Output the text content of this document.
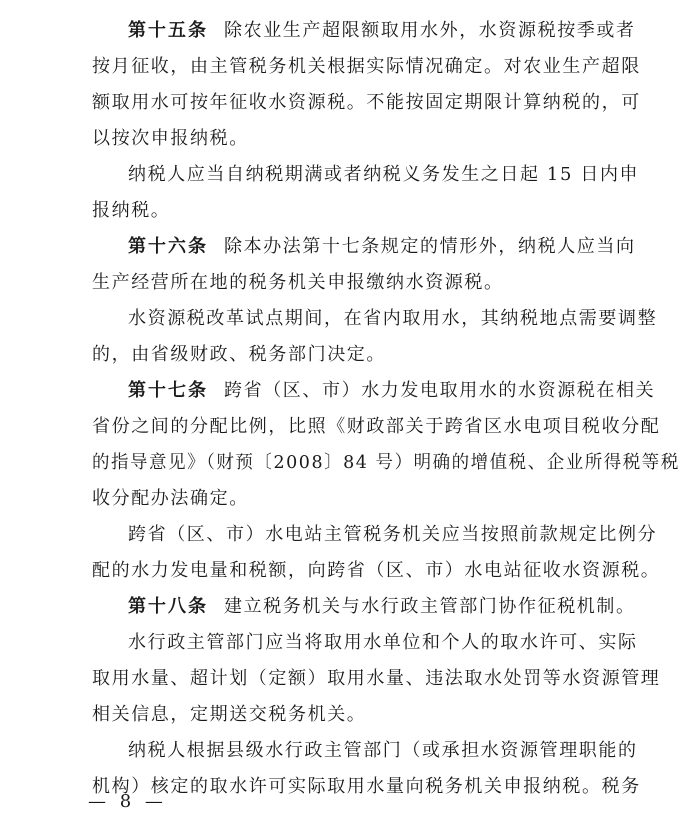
第十五条 除农业生产超限额取用水外，水资源税按季或者
按月征收，由主管税务机关根据实际情况确定。对农业生产超限
额取用水可按年征收水资源税。不能按固定期限计算纳税的，可
以按次申报纳税。
纳税人应当自纳税期满或者纳税义务发生之日起 15 日内申
报纳税。
第十六条 除本办法第十七条规定的情形外，纳税人应当向
生产经营所在地的税务机关申报缴纳水资源税。
水资源税改革试点期间，在省内取用水，其纳税地点需要调整
的，由省级财政、税务部门决定。
第十七条 跨省（区、市）水力发电取用水的水资源税在相关
省份之间的分配比例，比照《财政部关于跨省区水电项目税收分配
的指导意见》（财预〔2008〕84 号）明确的增值税、企业所得税等税
收分配办法确定。
跨省（区、市）水电站主管税务机关应当按照前款规定比例分
配的水力发电量和税额，向跨省（区、市）水电站征收水资源税。
第十八条 建立税务机关与水行政主管部门协作征税机制。
水行政主管部门应当将取用水单位和个人的取水许可、实际
取用水量、超计划（定额）取用水量、违法取水处罚等水资源管理
相关信息，定期送交税务机关。
纳税人根据县级水行政主管部门（或承担水资源管理职能的
机构）核定的取水许可实际取用水量向税务机关申报纳税。税务
— 8 —
